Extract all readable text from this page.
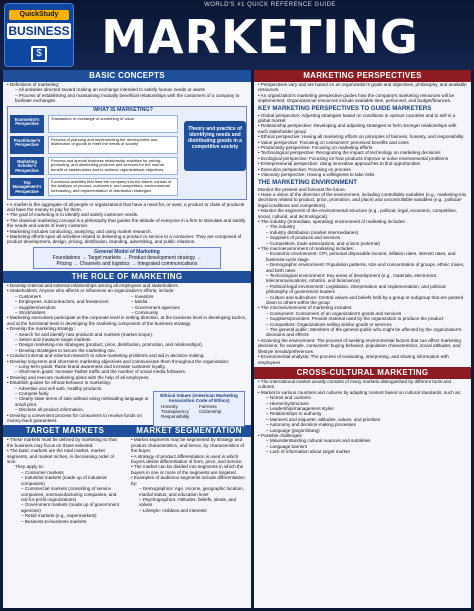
WORLD'S #1 QUICK REFERENCE GUIDE
QuickStudy
BUSINESS
$ MARKETING
BASIC CONCEPTS

• Definitions of marketing:

– All activities directed toward making an exchange intended to satisfy human needs or wants

– Process of establishing and maintaining mutually beneficial relationships with the customers of a company to facilitate exchanges

WHAT IS MARKETING?
Economist's Perspective
Transaction or exchange of something of value
Practitioner's Perspective
Process of planning and implementing the development and distribution of goods to meet the needs of society
Marketing Scholar's Perspective
Process and special business relationship activities for pricing, promoting, and distributing products and services for the mutual benefit of stakeholders and to achieve organizational objectives
Top Management's Perspective
Functional activities that lead the company into the future; consist of the analysis of product, customers, and competitors; environmental forecasting; and implementation of distribution strategies
Theory and practice of identifying needs and distributing goods in a competitive society

• A market is the aggregate of all people or organizations that have a need for, or want, a product or class of products and have the money to pay for them.

• The goal of marketing is to identify and satisfy customer needs.

• The classical marketing concept is a philosophy that guides the attitude of everyone in a firm to stimulate and satisfy the needs and wants of every customer.

• Marketing includes conducting, analyzing, and using market research.

• Marketing efforts span all activities related to delivering a product or service to a consumer. They are composed of product development, design, pricing, distribution, branding, advertising, and public relations.

General Model of Marketing
Foundations → Target markets → Product development strategy →
Pricing → Channels and logistics → Integrated communications
THE ROLE OF MARKETING

• Develop internal and external relationships among all employees and stakeholders.

• Stakeholders: Anyone who affects or influences an organization's efforts; include:

– Customers

– Employees, subcontractors, and freelancers

– Suppliers/vendors

– Stockholders

– Investors

– Media

– Government agencies

– Community

• Marketing executives participate at the corporate level in setting direction, at the business level in developing tactics, and at the functional level in developing the marketing component of the business strategy.

• Develop the marketing strategy:

– Search for and identify new products and markets (market scope).

– Select and measure target markets.

– Design marketing-mix strategies (product, price, distribution, promotion, and relationships).

– Develop strategies to secure the marketing mix.

• Conduct internal and external research to solve marketing problems and aid in decision-making.

• Develop long-term and short-term marketing objectives and communicate them throughout the organization:

– Long-term goals: Raise brand awareness and increase customer loyalty.

– Short-term goals: Increase Twitter traffic and the number of social media followers.

• Develop and execute marketing plans with the help of all employees.

• Establish guides for ethical behavior in marketing:

– Advertise and sell safe, healthy products.

– Compete fairly.

– Clearly state terms of sale without using misleading language or small print.

– Disclose all product information.

• Develop a convenient process for consumers to receive funds on money-back guarantees.

Ethical Values (American Marketing Association Code of Ethics)
Honesty	Fairness
Transparency	Citizenship
Responsibility
TARGET MARKETS

• These markets must be defined by marketing so that the business may focus on those selected.

• The basic markets are the total market, market segments, and market niches, in decreasing order of size.

They apply to:

– Consumer markets

– Industrial markets (made up of industrial companies)

– Commercial markets (consisting of service companies, nonmanufacturing companies, and not-for-profit organizations)

– Government markets (made up of government agencies)

– Retail markets (e.g., supermarkets)

– Business-to-business markets

MARKET SEGMENTATION

• Market segments may be segmented by strategy and product characteristics, and hence, by characteristics of the buyer.

• A strategy of product differentiation is used in which buyers desire differentiation of form, price, and service.

• The market can be divided into segments in which the buyers in one or more of the segments are targeted.

• Examples of audience segments include differentiation by:

– Demographics: Age, income, geographic location, marital status, and education level

– Psychographics: Attitudes, beliefs, ideals, and values

– Lifestyle: Hobbies and interests

MARKETING PERSPECTIVES

• Perspectives vary and are based on an organization's goals and objectives, philosophy, and available resources.

• An organization's marketing perspective guides how the company's marketing resources will be implemented. Organizational resources include available time, personnel, and budget/finances.

KEY MARKETING PERSPECTIVES TO GUIDE MARKETERS

• Global perspective: Adjusting strategies based on conditions in various countries and to sell in a global market

• Relationship perspective: Developing and adjusting strategies to form stronger relationships with each stakeholder group

• Ethical perspective: Having all marketing efforts on principles of fairness, honesty, and responsibility

• Value perspective: Focusing on consumers' perceived benefits and costs

• Productivity perspective: Focusing on marketing efforts

• Technological perspective: Recognizing the impact of technology on marketing decisions

• Ecological perspective: Focusing on how products improve or solve environmental problems

• Entrepreneurial perspective: Using innovative approaches to find opportunities

• Execution perspective: Focusing on process

• Visionary perspective: Having a willingness to take risks

THE MARKETING ENVIRONMENT

Monitor the present and forecast the future.

• Have a vision of the direction of the environment, including controllable variables (e.g., marketing-mix decisions related to product, price, promotion, and place) and uncontrollable variables (e.g., political-legal conditions and competitors).

• Monitor the segments of the environmental structure (e.g., political, legal, economic, competitive, social, cultural, and technological).

• The industry (immediate, operating) environment of marketing includes:

– The industry

– Industry distribution (market intermediaries)

– Suppliers of products and services

– Competitors, trade associations, and unions (external)

• The macroenvironment of marketing includes:

– Economic environment: CPI, personal disposable income, inflation rates, interest rates, and business-cycle stage

– Demographic environment: Population patterns, size and concentration of groups, ethnic mixes, and birth rates

– Technological environment: Key areas of development (e.g., materials, electronics, telecommunications, robotics, and bioscience)

– Political-legal environment: Legislation, interpretation and implementation, and political philosophy of government leaders

– Culture and subculture: Central values and beliefs held by a group or subgroup that are passed down to others within the group

• The microenvironment of marketing includes:

– Consumers: Consumers of an organization's goods and services

– Suppliers/providers: Provide material used by the organization to produce the product

– Competitors: Organizations selling similar goods or services

– The general public: Members of the general public who might be affected by the organization's decisions and effects

• Scanning the environment: The process of seeking environmental factors that can affect marketing decisions; for example, consumers' buying behavior, population characteristics, social attitudes, and lifestyle trends/preferences

• Environmental analysis: The process of evaluating, interpreting, and sharing information with employees

CROSS-CULTURAL MARKETING

• The international market usually consists of many markets distinguished by different tools and cultures.

• Market to various countries and cultures by adapting content based on cultural standards, such as:

– Norms and customs

– Hierarchy/structure

– Leadership/management styles

– Relationships to authority

– Manners and etiquette; attitudes, values, and priorities

– Autonomy and decision-making processes

– Language (jargon/slang)

• Possible challenges:

– Misunderstanding cultural nuances and subtleties

– Language barriers

– Lack of information about target market
